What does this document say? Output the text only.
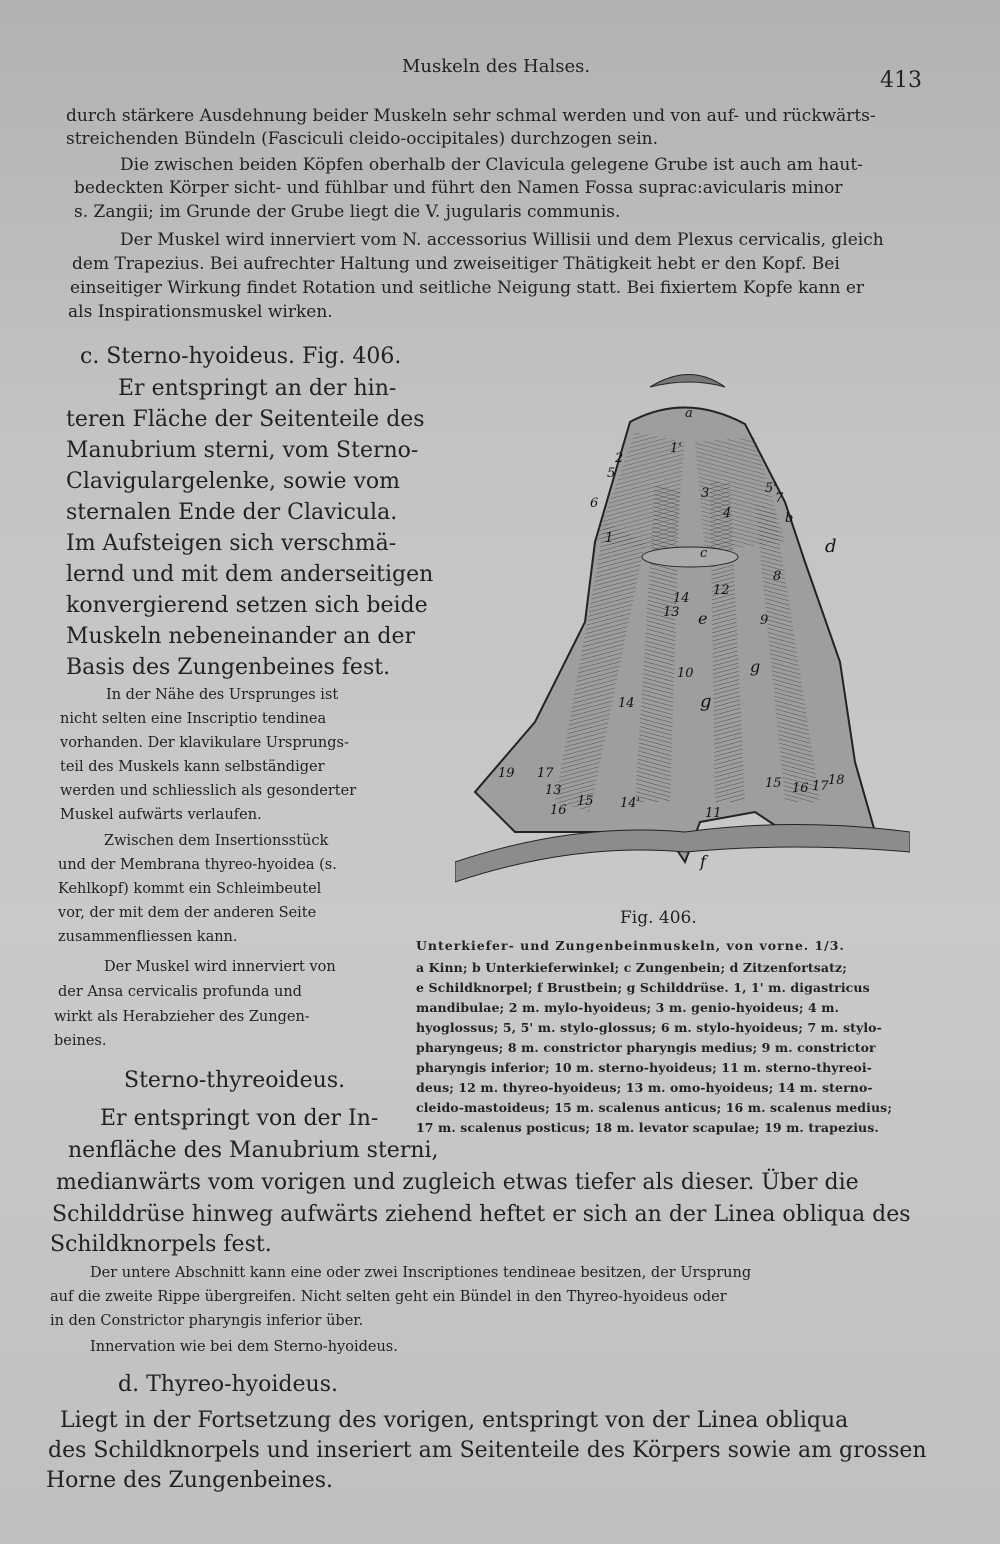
Muskeln des Halses.
413
durch stärkere Ausdehnung beider Muskeln sehr schmal werden und von auf- und rückwärts-
streichenden Bündeln (Fasciculi cleido-occipitales) durchzogen sein.
Die zwischen beiden Köpfen oberhalb der Clavicula gelegene Grube ist auch am haut-
bedeckten Körper sicht- und fühlbar und führt den Namen Fossa suprac:avicularis minor
s. Zangii; im Grunde der Grube liegt die V. jugularis communis.
Der Muskel wird innerviert vom N. accessorius Willisii und dem Plexus cervicalis, gleich
dem Trapezius. Bei aufrechter Haltung und zweiseitiger Thätigkeit hebt er den Kopf. Bei
einseitiger Wirkung findet Rotation und seitliche Neigung statt. Bei fixiertem Kopfe kann er
als Inspirationsmuskel wirken.
c. Sterno-hyoideus. Fig. 406.
Er entspringt an der hin-
teren Fläche der Seitenteile des
Manubrium sterni, vom Sterno-
Clavigulargelenke, sowie vom
sternalen Ende der Clavicula.
Im Aufsteigen sich verschmä-
lernd und mit dem anderseitigen
konvergierend setzen sich beide
Muskeln nebeneinander an der
Basis des Zungenbeines fest.
In der Nähe des Ursprunges ist
nicht selten eine Inscriptio tendinea
vorhanden. Der klavikulare Ursprungs-
teil des Muskels kann selbständiger
werden und schliesslich als gesonderter
Muskel aufwärts verlaufen.
Zwischen dem Insertionsstück
und der Membrana thyreo-hyoidea (s.
Kehlkopf) kommt ein Schleimbeutel
vor, der mit dem der anderen Seite
zusammenfliessen kann.
Der Muskel wird innerviert von
der Ansa cervicalis profunda und
wirkt als Herabzieher des Zungen-
beines.
a
b
c	d
e
f
g
g
1
1'
2
3
4
5
5'
6	7
8
9
10
11
12
13
13
14
14
14'
15
15
16
16
17
17	18
19
Fig. 406.
Unterkiefer- und Zungenbeinmuskeln, von vorne. 1/3.
a Kinn; b Unterkieferwinkel; c Zungenbein; d Zitzenfortsatz;
e Schildknorpel; f Brustbein; g Schilddrüse. 1, 1' m. digastricus
mandibulae; 2 m. mylo-hyoideus; 3 m. genio-hyoideus; 4 m.
hyoglossus; 5, 5' m. stylo-glossus; 6 m. stylo-hyoideus; 7 m. stylo-
pharyngeus; 8 m. constrictor pharyngis medius; 9 m. constrictor
pharyngis inferior; 10 m. sterno-hyoideus; 11 m. sterno-thyreoi-
deus; 12 m. thyreo-hyoideus; 13 m. omo-hyoideus; 14 m. sterno-
cleido-mastoideus; 15 m. scalenus anticus; 16 m. scalenus medius;
17 m. scalenus posticus; 18 m. levator scapulae; 19 m. trapezius.
Sterno-thyreoideus.
Er entspringt von der In-
nenfläche des Manubrium sterni,
medianwärts vom vorigen und zugleich etwas tiefer als dieser. Über die
Schilddrüse hinweg aufwärts ziehend heftet er sich an der Linea obliqua des
Schildknorpels fest.
Der untere Abschnitt kann eine oder zwei Inscriptiones tendineae besitzen, der Ursprung
auf die zweite Rippe übergreifen. Nicht selten geht ein Bündel in den Thyreo-hyoideus oder
in den Constrictor pharyngis inferior über.
Innervation wie bei dem Sterno-hyoideus.
d. Thyreo-hyoideus.
Liegt in der Fortsetzung des vorigen, entspringt von der Linea obliqua
des Schildknorpels und inseriert am Seitenteile des Körpers sowie am grossen
Horne des Zungenbeines.
